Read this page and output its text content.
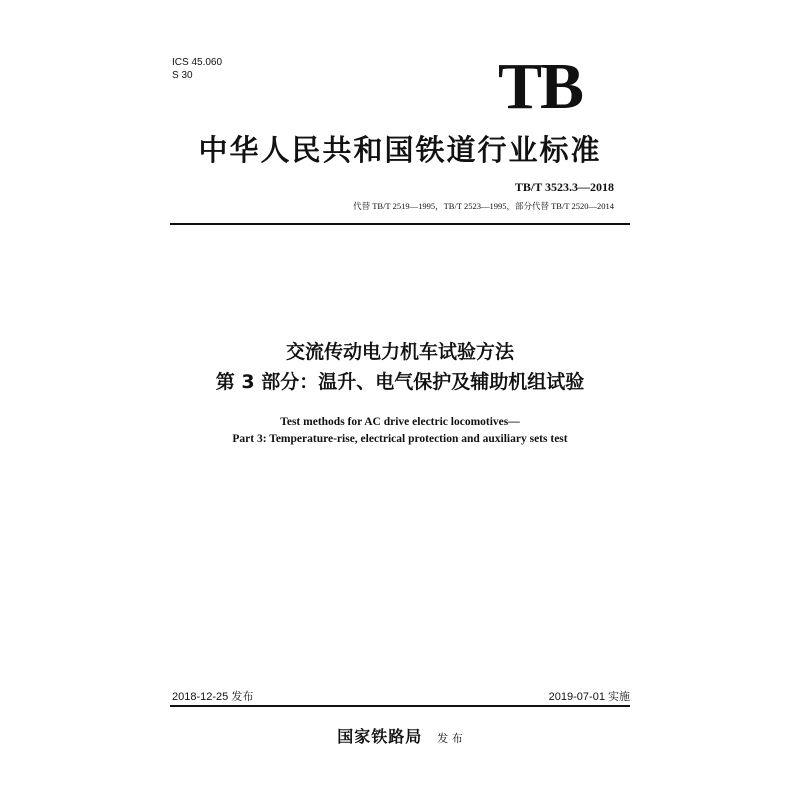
ICS 45.060
S 30	TB
中华人民共和国铁道行业标准
TB/T 3523.3—2018
代替 TB/T 2519—1995，TB/T 2523—1995，部分代替 TB/T 2520—2014
交流传动电力机车试验方法
第 3 部分：温升、电气保护及辅助机组试验
Test methods for AC drive electric locomotives—
Part 3: Temperature-rise, electrical protection and auxiliary sets test
2018-12-25 发布	2019-07-01 实施
国家铁路局 发 布
